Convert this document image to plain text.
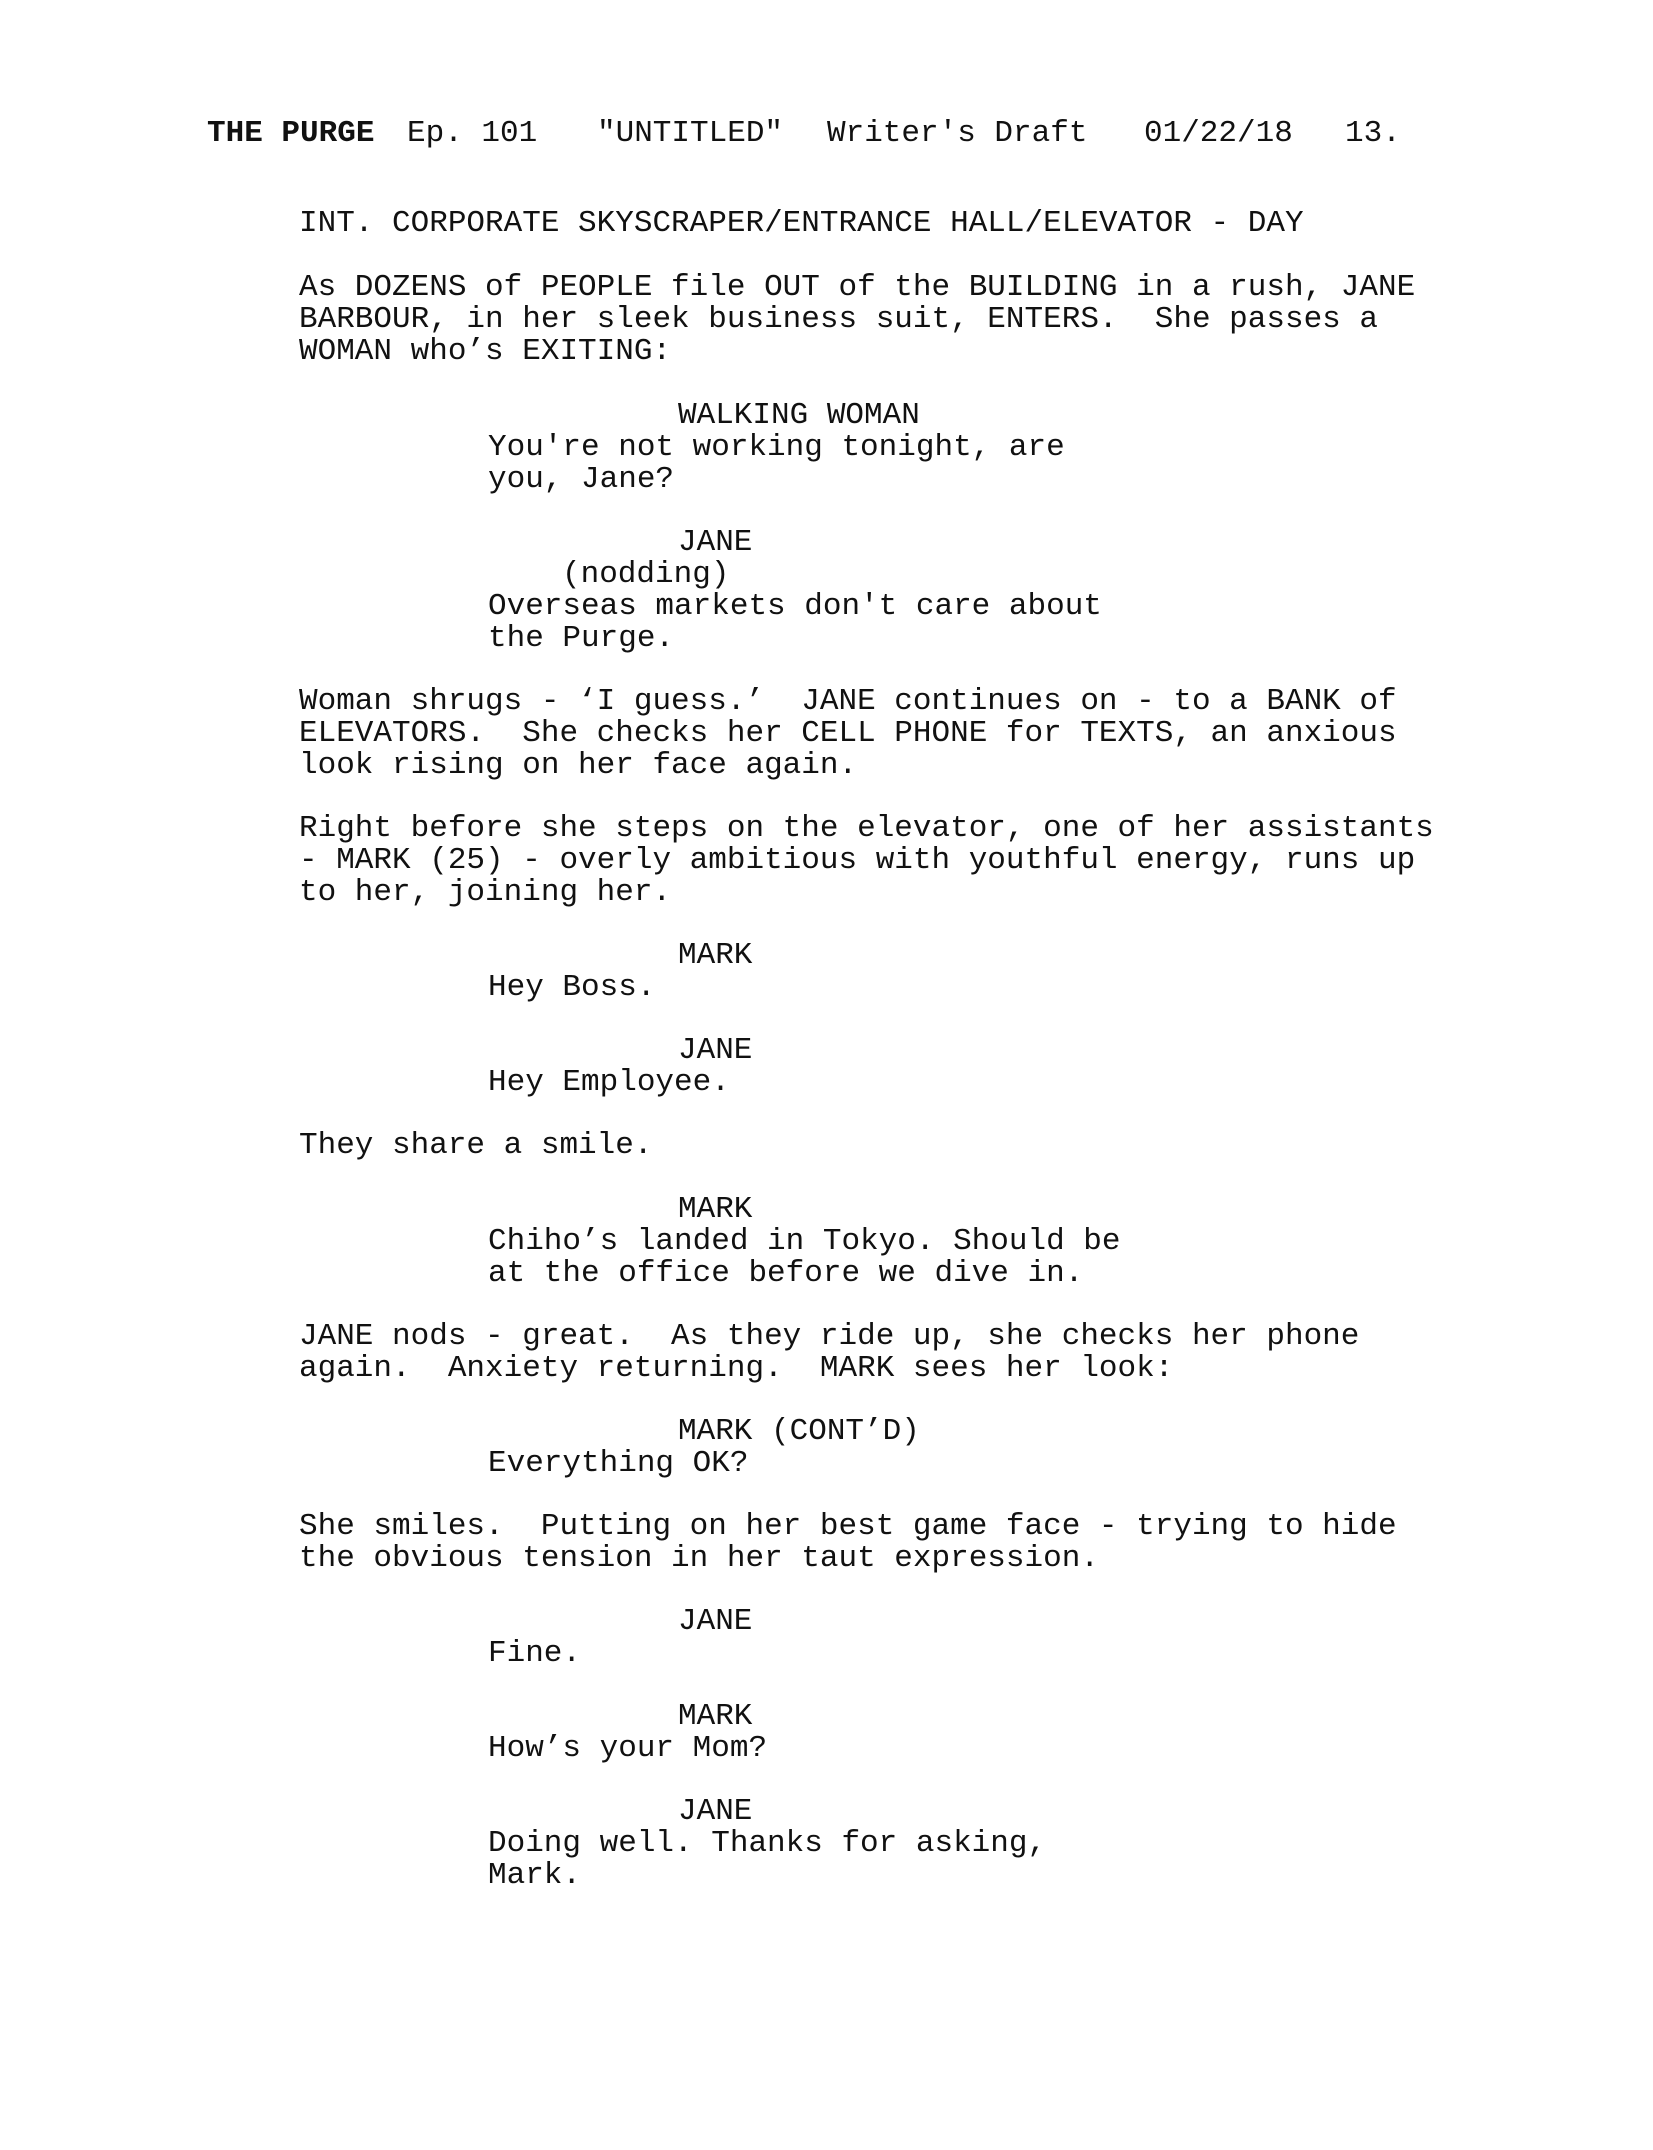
THE PURGE

Ep. 101

"UNTITLED"

Writer's Draft

01/22/18

13.

INT. CORPORATE SKYSCRAPER/ENTRANCE HALL/ELEVATOR - DAY
As DOZENS of PEOPLE file OUT of the BUILDING in a rush, JANE
BARBOUR, in her sleek business suit, ENTERS.  She passes a
WOMAN who’s EXITING:
WALKING WOMAN
You're not working tonight, are
you, Jane?
JANE
(nodding)
Overseas markets don't care about
the Purge.
Woman shrugs - ‘I guess.’  JANE continues on - to a BANK of
ELEVATORS.  She checks her CELL PHONE for TEXTS, an anxious
look rising on her face again.
Right before she steps on the elevator, one of her assistants
- MARK (25) - overly ambitious with youthful energy, runs up
to her, joining her.
MARK
Hey Boss.
JANE
Hey Employee.
They share a smile.
MARK
Chiho’s landed in Tokyo. Should be
at the office before we dive in.
JANE nods - great.  As they ride up, she checks her phone
again.  Anxiety returning.  MARK sees her look:
MARK (CONT’D)
Everything OK?
She smiles.  Putting on her best game face - trying to hide
the obvious tension in her taut expression.
JANE
Fine.
MARK
How’s your Mom?
JANE
Doing well. Thanks for asking,
Mark.
